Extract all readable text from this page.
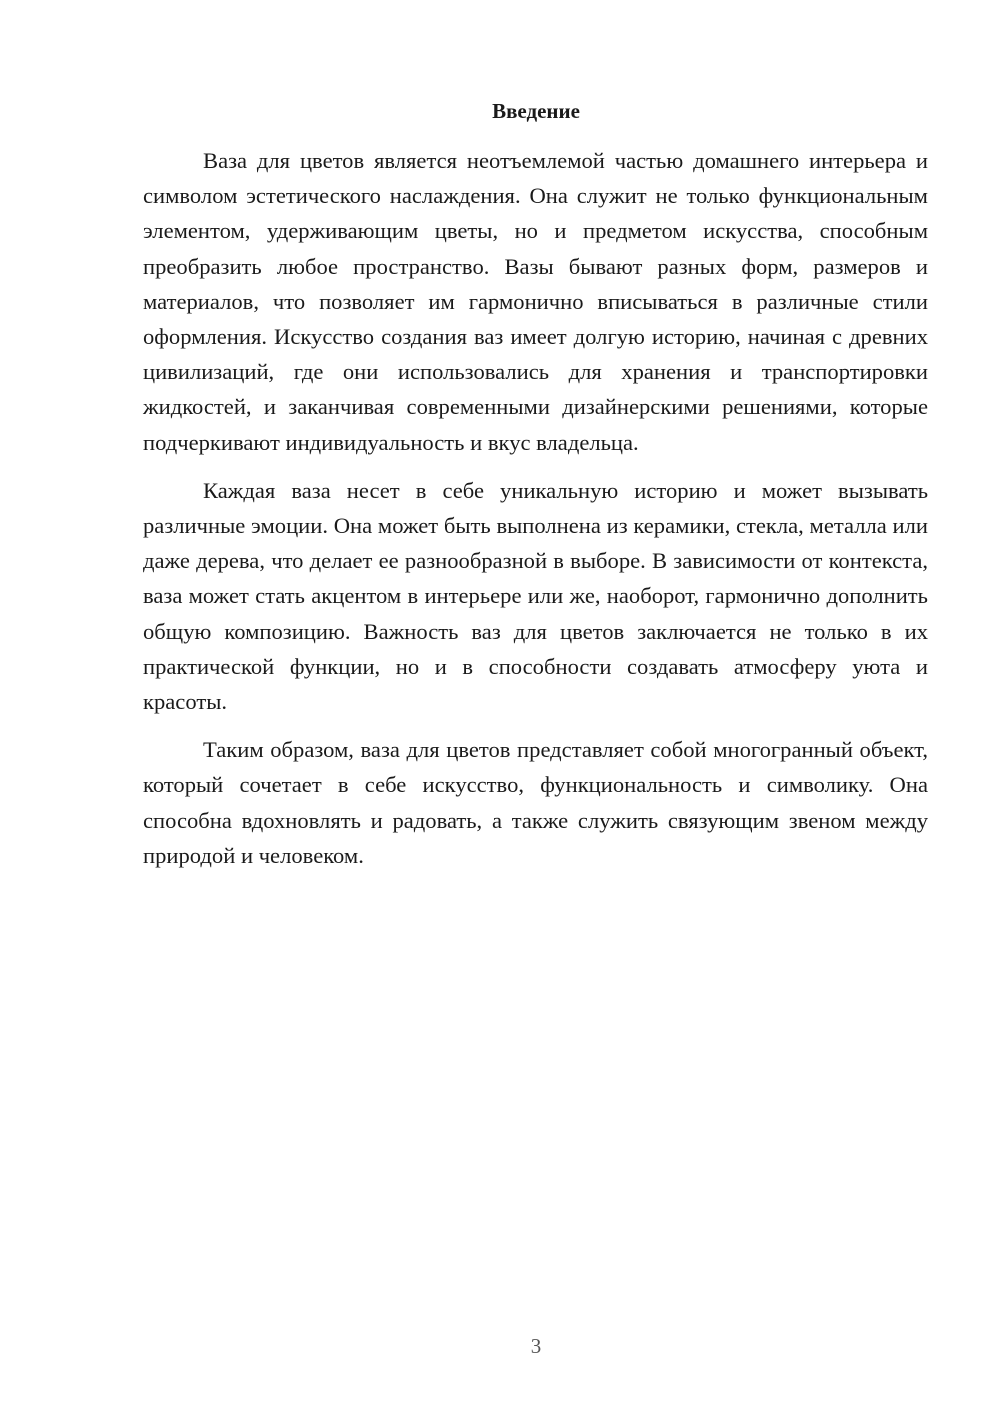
Введение

Ваза для цветов является неотъемлемой частью домашнего интерьера и символом эстетического наслаждения. Она служит не только функциональным элементом, удерживающим цветы, но и предметом искусства, способным преобразить любое пространство. Вазы бывают разных форм, размеров и материалов, что позволяет им гармонично вписываться в различные стили оформления. Искусство создания ваз имеет долгую историю, начиная с древних цивилизаций, где они использовались для хранения и транспортировки жидкостей, и заканчивая современными дизайнерскими решениями, которые подчеркивают индивидуальность и вкус владельца.

Каждая ваза несет в себе уникальную историю и может вызывать различные эмоции. Она может быть выполнена из керамики, стекла, металла или даже дерева, что делает ее разнообразной в выборе. В зависимости от контекста, ваза может стать акцентом в интерьере или же, наоборот, гармонично дополнить общую композицию. Важность ваз для цветов заключается не только в их практической функции, но и в способности создавать атмосферу уюта и красоты.

Таким образом, ваза для цветов представляет собой многогранный объект, который сочетает в себе искусство, функциональность и символику. Она способна вдохновлять и радовать, а также служить связующим звеном между природой и человеком.

3
